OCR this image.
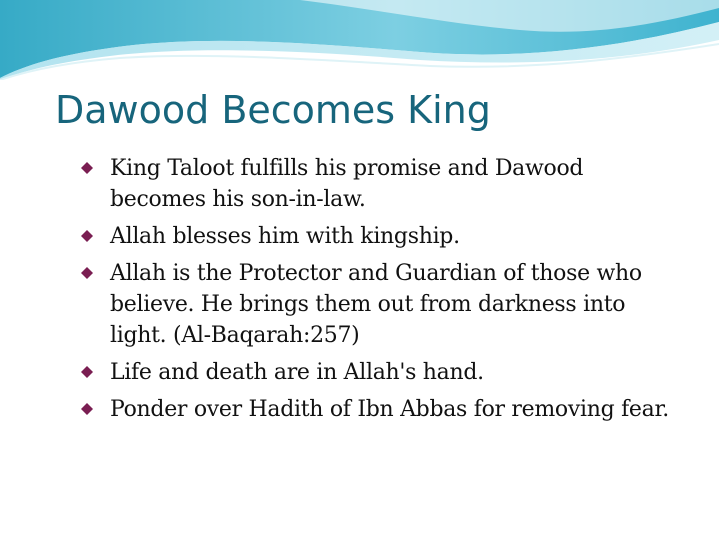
Dawood Becomes King
King Taloot fulfills his promise and Dawood becomes his son-in-law.
Allah blesses him with kingship.
Allah is the Protector and Guardian of those who believe. He brings them out from darkness into light. (Al-Baqarah:257)
Life and death are in Allah's hand.
Ponder over Hadith of Ibn Abbas for removing fear.
